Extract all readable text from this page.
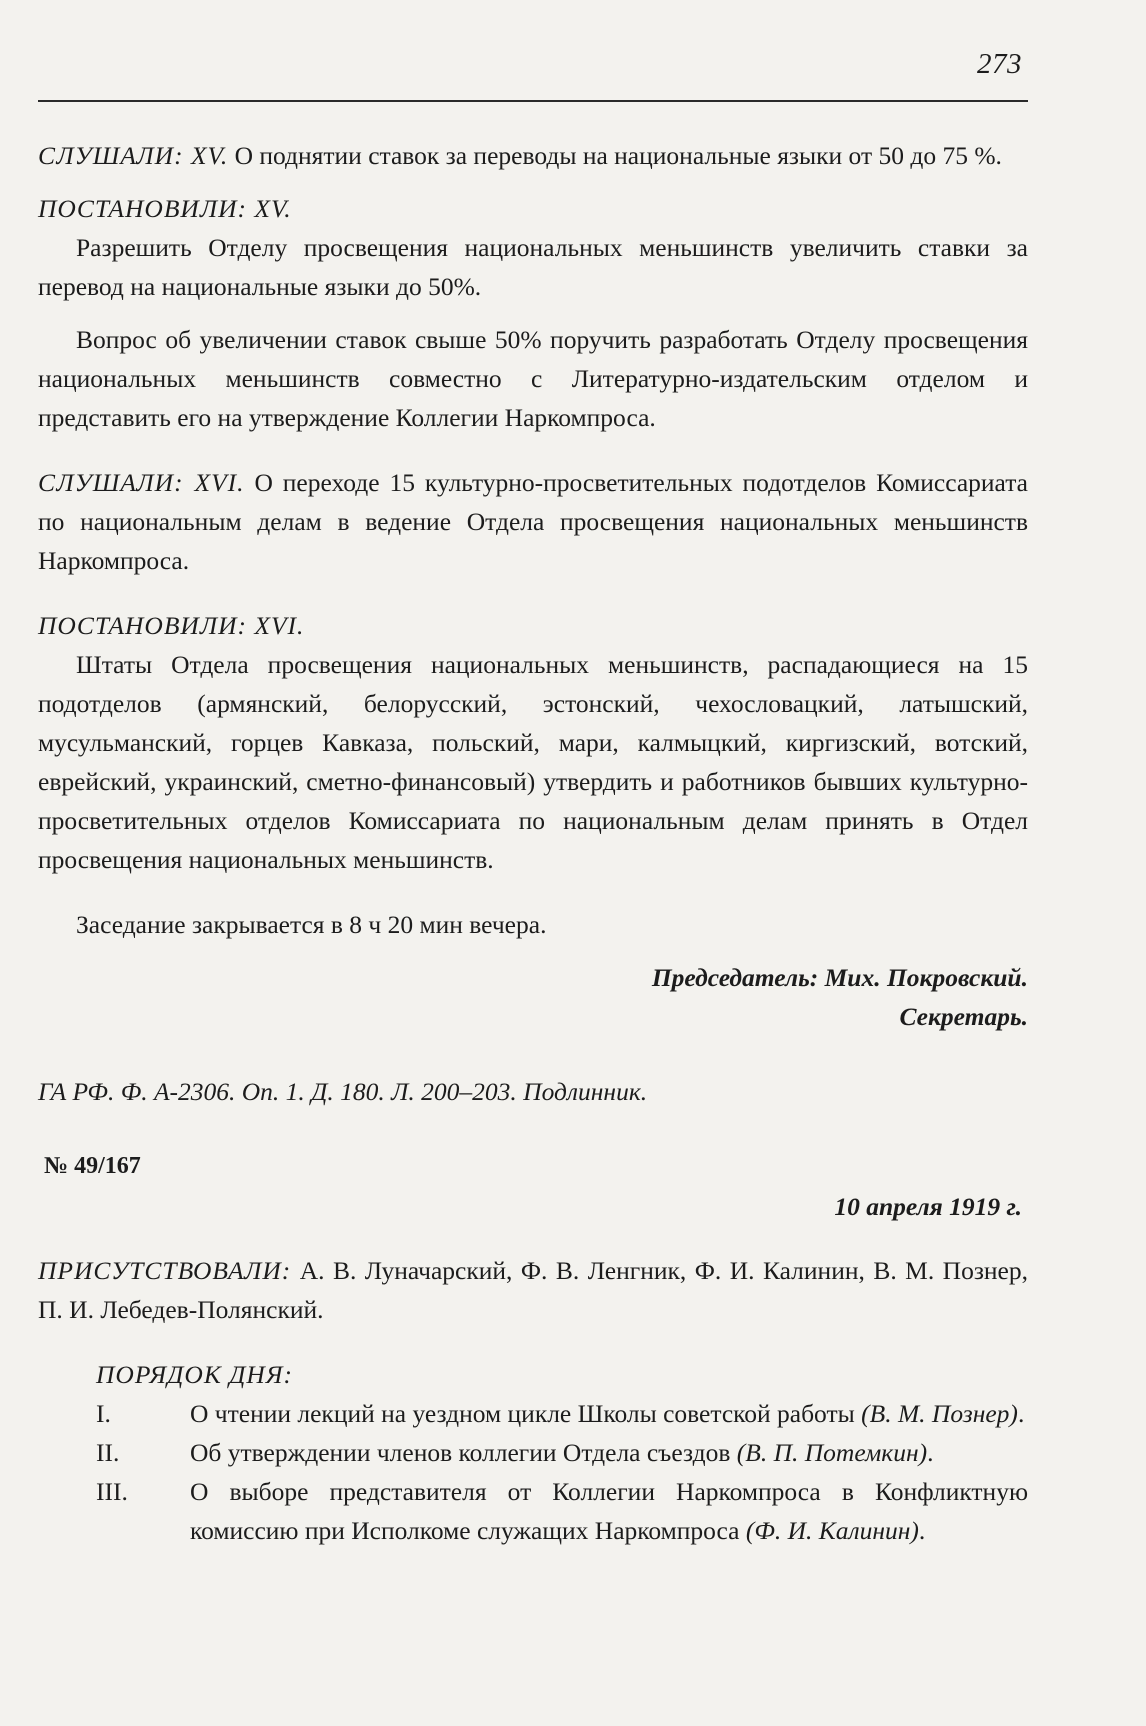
273

СЛУШАЛИ: XV. О поднятии ставок за переводы на национальные языки от 50 до 75 %.

ПОСТАНОВИЛИ: XV.

Разрешить Отделу просвещения национальных меньшинств увеличить ставки за перевод на национальные языки до 50%.

Вопрос об увеличении ставок свыше 50% поручить разработать Отделу просвещения национальных меньшинств совместно с Литературно-издательским отделом и представить его на утверждение Коллегии Наркомпроса.

СЛУШАЛИ: XVI. О переходе 15 культурно-просветительных подотделов Комиссариата по национальным делам в ведение Отдела просвещения национальных меньшинств Наркомпроса.

ПОСТАНОВИЛИ: XVI.

Штаты Отдела просвещения национальных меньшинств, распадающиеся на 15 подотделов (армянский, белорусский, эстонский, чехословацкий, латышский, мусульманский, горцев Кавказа, польский, мари, калмыцкий, киргизский, вотский, еврейский, украинский, сметно-финансовый) утвердить и работников бывших культурно-просветительных отделов Комиссариата по национальным делам принять в Отдел просвещения национальных меньшинств.

Заседание закрывается в 8 ч 20 мин вечера.

Председатель: Мих. Покровский.

Секретарь.

ГА РФ. Ф. А-2306. Оп. 1. Д. 180. Л. 200–203. Подлинник.

№ 49/167
10 апреля 1919 г.

ПРИСУТСТВОВАЛИ: А. В. Луначарский, Ф. В. Ленгник, Ф. И. Калинин, В. М. Познер, П. И. Лебедев-Полянский.

ПОРЯДОК ДНЯ:

I.	О чтении лекций на уездном цикле Школы советской работы (В. М. Познер).
II.	Об утверждении членов коллегии Отдела съездов (В. П. Потемкин).
III.	О выборе представителя от Коллегии Наркомпроса в Конфликтную комиссию при Исполкоме служащих Наркомпроса (Ф. И. Калинин).
